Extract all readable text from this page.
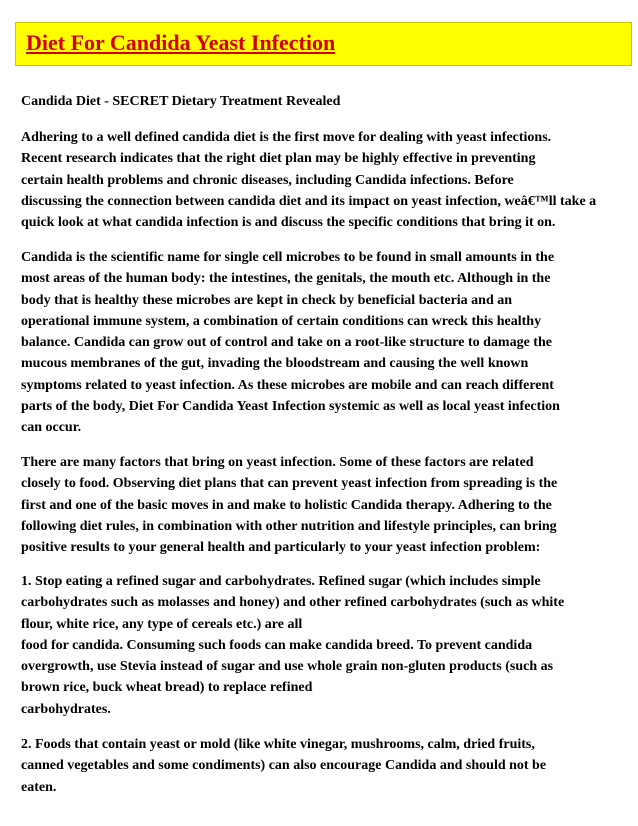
Diet For Candida Yeast Infection
Candida Diet - SECRET Dietary Treatment Revealed
Adhering to a well defined candida diet is the first move for dealing with yeast infections.
Recent research indicates that the right diet plan may be highly effective in preventing
certain health problems and chronic diseases, including Candida infections. Before
discussing the connection between candida diet and its impact on yeast infection, weâ€™ll take a
quick look at what candida infection is and discuss the specific conditions that bring it on.
Candida is the scientific name for single cell microbes to be found in small amounts in the
most areas of the human body: the intestines, the genitals, the mouth etc. Although in the
body that is healthy these microbes are kept in check by beneficial bacteria and an
operational immune system, a combination of certain conditions can wreck this healthy
balance. Candida can grow out of control and take on a root-like structure to damage the
mucous membranes of the gut, invading the bloodstream and causing the well known
symptoms related to yeast infection. As these microbes are mobile and can reach different
parts of the body, Diet For Candida Yeast Infection systemic as well as local yeast infection
can occur.
There are many factors that bring on yeast infection. Some of these factors are related
closely to food. Observing diet plans that can prevent yeast infection from spreading is the
first and one of the basic moves in and make to holistic Candida therapy. Adhering to the
following diet rules, in combination with other nutrition and lifestyle principles, can bring
positive results to your general health and particularly to your yeast infection problem:
1. Stop eating a refined sugar and carbohydrates. Refined sugar (which includes simple
carbohydrates such as molasses and honey) and other refined carbohydrates (such as white
flour, white rice, any type of cereals etc.) are all
food for candida. Consuming such foods can make candida breed. To prevent candida
overgrowth, use Stevia instead of sugar and use whole grain non-gluten products (such as
brown rice, buck wheat bread) to replace refined
carbohydrates.
2. Foods that contain yeast or mold (like white vinegar, mushrooms, calm, dried fruits,
canned vegetables and some condiments) can also encourage Candida and should not be
eaten.
